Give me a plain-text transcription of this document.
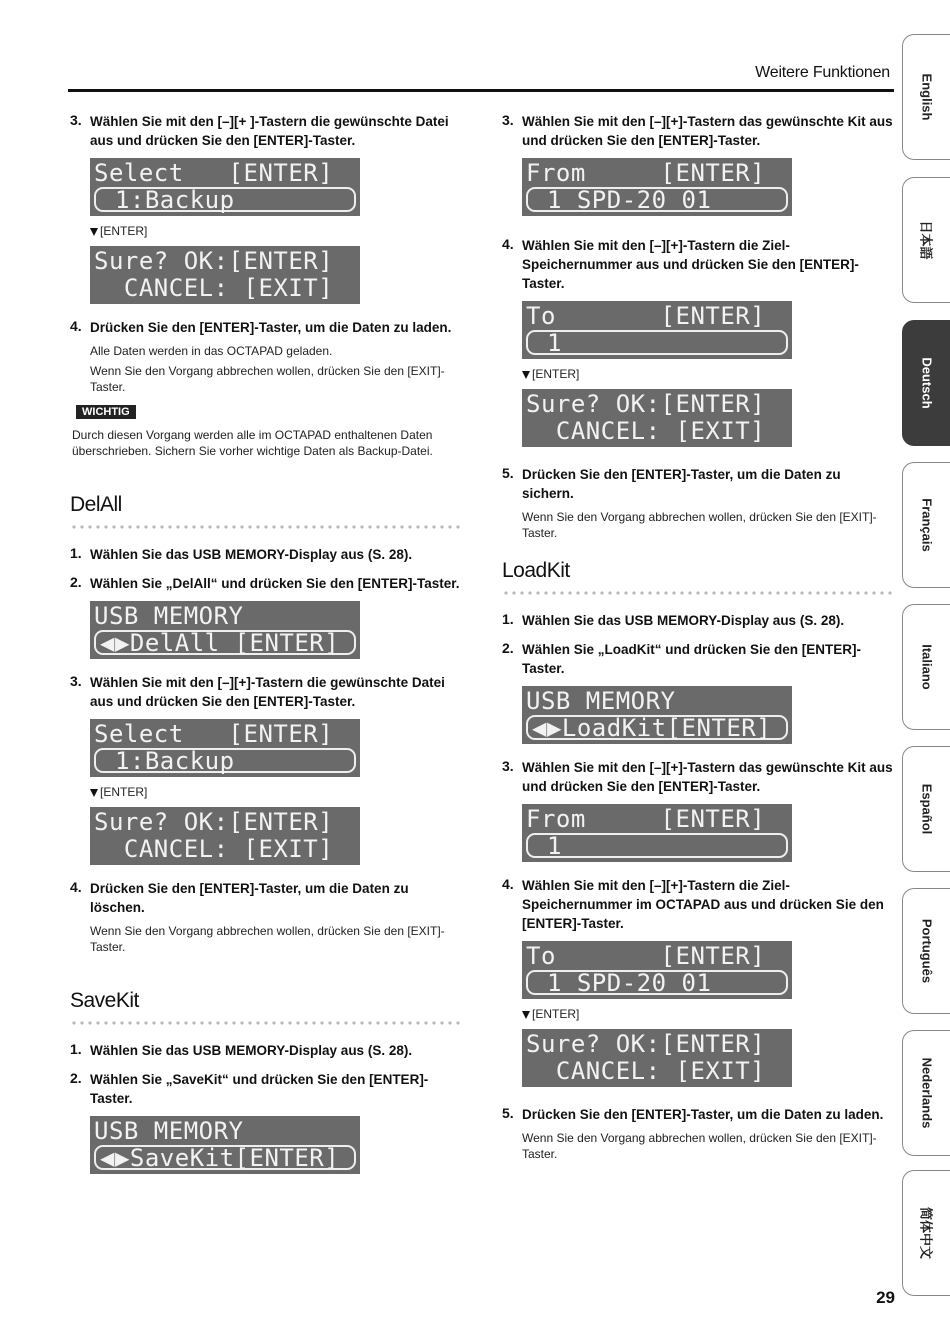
Weitere Funktionen
3. Wählen Sie mit den [–][+ ]-Tastern die gewünschte Datei aus und drücken Sie den [ENTER]-Taster.
Select   [ENTER]
1:Backup
[ENTER]
Sure? OK:[ENTER]
CANCEL: [EXIT]
4. Drücken Sie den [ENTER]-Taster, um die Daten zu laden.
Alle Daten werden in das OCTAPAD geladen.
Wenn Sie den Vorgang abbrechen wollen, drücken Sie den [EXIT]-Taster.
WICHTIG
Durch diesen Vorgang werden alle im OCTAPAD enthaltenen Daten überschrieben. Sichern Sie vorher wichtige Daten als Backup-Datei.
DelAll
1. Wählen Sie das USB MEMORY-Display aus (S. 28).
2. Wählen Sie „DelAll“ und drücken Sie den [ENTER]-Taster.
USB MEMORY
◀▶DelAll [ENTER]
3. Wählen Sie mit den [–][+]-Tastern die gewünschte Datei aus und drücken Sie den [ENTER]-Taster.
Select   [ENTER]
1:Backup
[ENTER]
Sure? OK:[ENTER]
CANCEL: [EXIT]
4. Drücken Sie den [ENTER]-Taster, um die Daten zu löschen.
Wenn Sie den Vorgang abbrechen wollen, drücken Sie den [EXIT]-Taster.
SaveKit
1. Wählen Sie das USB MEMORY-Display aus (S. 28).
2. Wählen Sie „SaveKit“ und drücken Sie den [ENTER]-Taster.
USB MEMORY
◀▶SaveKit[ENTER]
3. Wählen Sie mit den [–][+]-Tastern das gewünschte Kit aus und drücken Sie den [ENTER]-Taster.
From     [ENTER]
1 SPD-20 01
4. Wählen Sie mit den [–][+]-Tastern die Ziel-Speichernummer aus und drücken Sie den [ENTER]-Taster.
To       [ENTER]
1
[ENTER]
Sure? OK:[ENTER]
CANCEL: [EXIT]
5. Drücken Sie den [ENTER]-Taster, um die Daten zu sichern.
Wenn Sie den Vorgang abbrechen wollen, drücken Sie den [EXIT]-Taster.
LoadKit
1. Wählen Sie das USB MEMORY-Display aus (S. 28).
2. Wählen Sie „LoadKit“ und drücken Sie den [ENTER]-Taster.
USB MEMORY
◀▶LoadKit[ENTER]
3. Wählen Sie mit den [–][+]-Tastern das gewünschte Kit aus und drücken Sie den [ENTER]-Taster.
From     [ENTER]
1
4. Wählen Sie mit den [–][+]-Tastern die Ziel-Speichernummer im OCTAPAD aus und drücken Sie den [ENTER]-Taster.
To       [ENTER]
1 SPD-20 01
[ENTER]
Sure? OK:[ENTER]
CANCEL: [EXIT]
5. Drücken Sie den [ENTER]-Taster, um die Daten zu laden.
Wenn Sie den Vorgang abbrechen wollen, drücken Sie den [EXIT]-Taster.
English
日本語
Deutsch
Français
Italiano
Español
Português
Nederlands
简体中文
29
